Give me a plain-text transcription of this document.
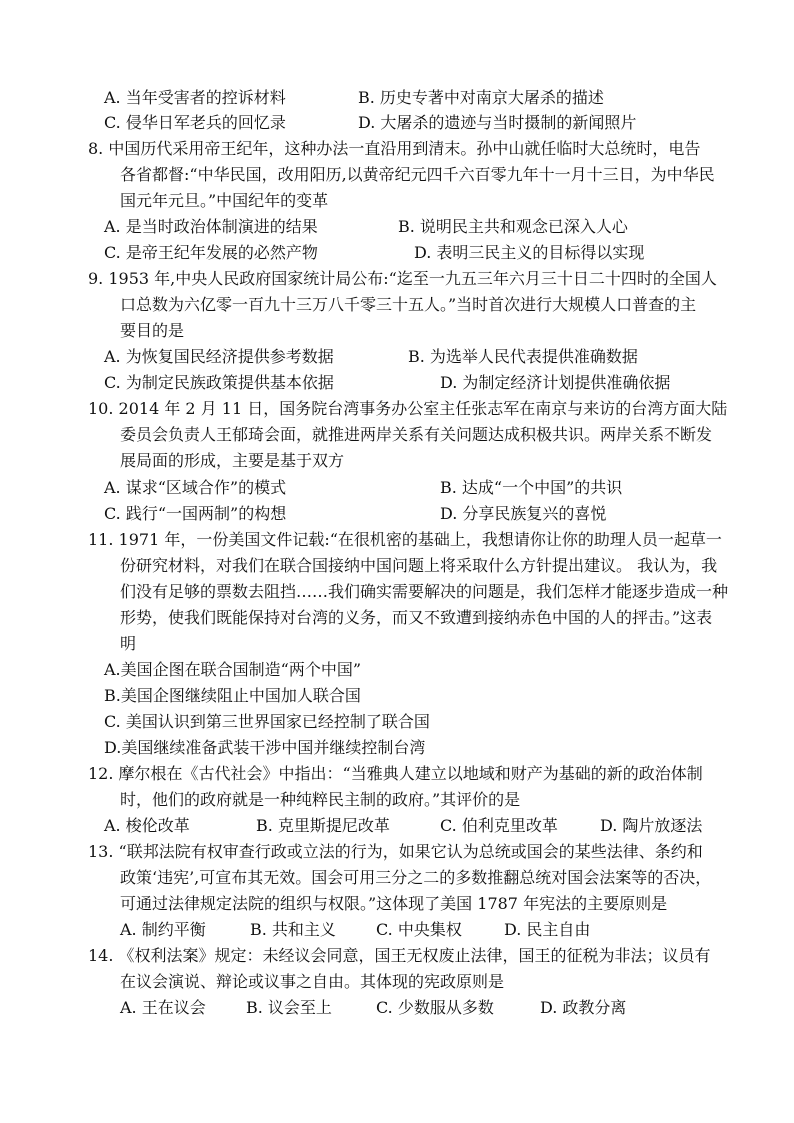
A. 当年受害者的控诉材料	B. 历史专著中对南京大屠杀的描述
C. 侵华日军老兵的回忆录	D. 大屠杀的遗迹与当时摄制的新闻照片
8. 中国历代采用帝王纪年，这种办法一直沿用到清末。孙中山就任临时大总统时，电告
各省都督:“中华民国，改用阳历,以黄帝纪元四千六百零九年十一月十三日，为中华民
国元年元旦。”中国纪年的变革
A. 是当时政治体制演进的结果	B. 说明民主共和观念已深入人心
C. 是帝王纪年发展的必然产物	D. 表明三民主义的目标得以实现
9. 1953 年,中央人民政府国家统计局公布:“迄至一九五三年六月三十日二十四时的全国人
口总数为六亿零一百九十三万八千零三十五人。”当时首次进行大规模人口普查的主
要目的是
A. 为恢复国民经济提供参考数据	B. 为选举人民代表提供准确数据
C. 为制定民族政策提供基本依据	D. 为制定经济计划提供准确依据
10. 2014 年 2 月 11 日，国务院台湾事务办公室主任张志军在南京与来访的台湾方面大陆
委员会负责人王郁琦会面，就推进两岸关系有关问题达成积极共识。两岸关系不断发
展局面的形成，主要是基于双方
A. 谋求“区域合作”的模式	B. 达成“一个中国”的共识
C. 践行“一国两制”的构想	D. 分享民族复兴的喜悦
11. 1971 年，一份美国文件记载:“在很机密的基础上，我想请你让你的助理人员一起草一
份研究材料，对我们在联合国接纳中国问题上将采取什么方针提出建议。 我认为，我
们没有足够的票数去阻挡……我们确实需要解决的问题是，我们怎样才能逐步造成一种
形势，使我们既能保持对台湾的义务，而又不致遭到接纳赤色中国的人的抨击。”这表
明
A.美国企图在联合国制造“两个中国”
B.美国企图继续阻止中国加人联合国
C. 美国认识到第三世界国家已经控制了联合国
D.美国继续准备武装干涉中国并继续控制台湾
12. 摩尔根在《古代社会》中指出：“当雅典人建立以地域和财产为基础的新的政治体制
时，他们的政府就是一种纯粹民主制的政府。”其评价的是
A. 梭伦改革	B. 克里斯提尼改革	C. 伯利克里改革	D. 陶片放逐法
13. “联邦法院有权审查行政或立法的行为，如果它认为总统或国会的某些法律、条约和
政策‘违宪’,可宣布其无效。国会可用三分之二的多数推翻总统对国会法案等的否决，
可通过法律规定法院的组织与权限。”这体现了美国 1787 年宪法的主要原则是
A. 制约平衡	B. 共和主义	C. 中央集权	D. 民主自由
14. 《权利法案》规定：未经议会同意，国王无权废止法律，国王的征税为非法；议员有
在议会演说、辩论或议事之自由。其体现的宪政原则是
A. 王在议会	B. 议会至上	C. 少数服从多数	D. 政教分离
